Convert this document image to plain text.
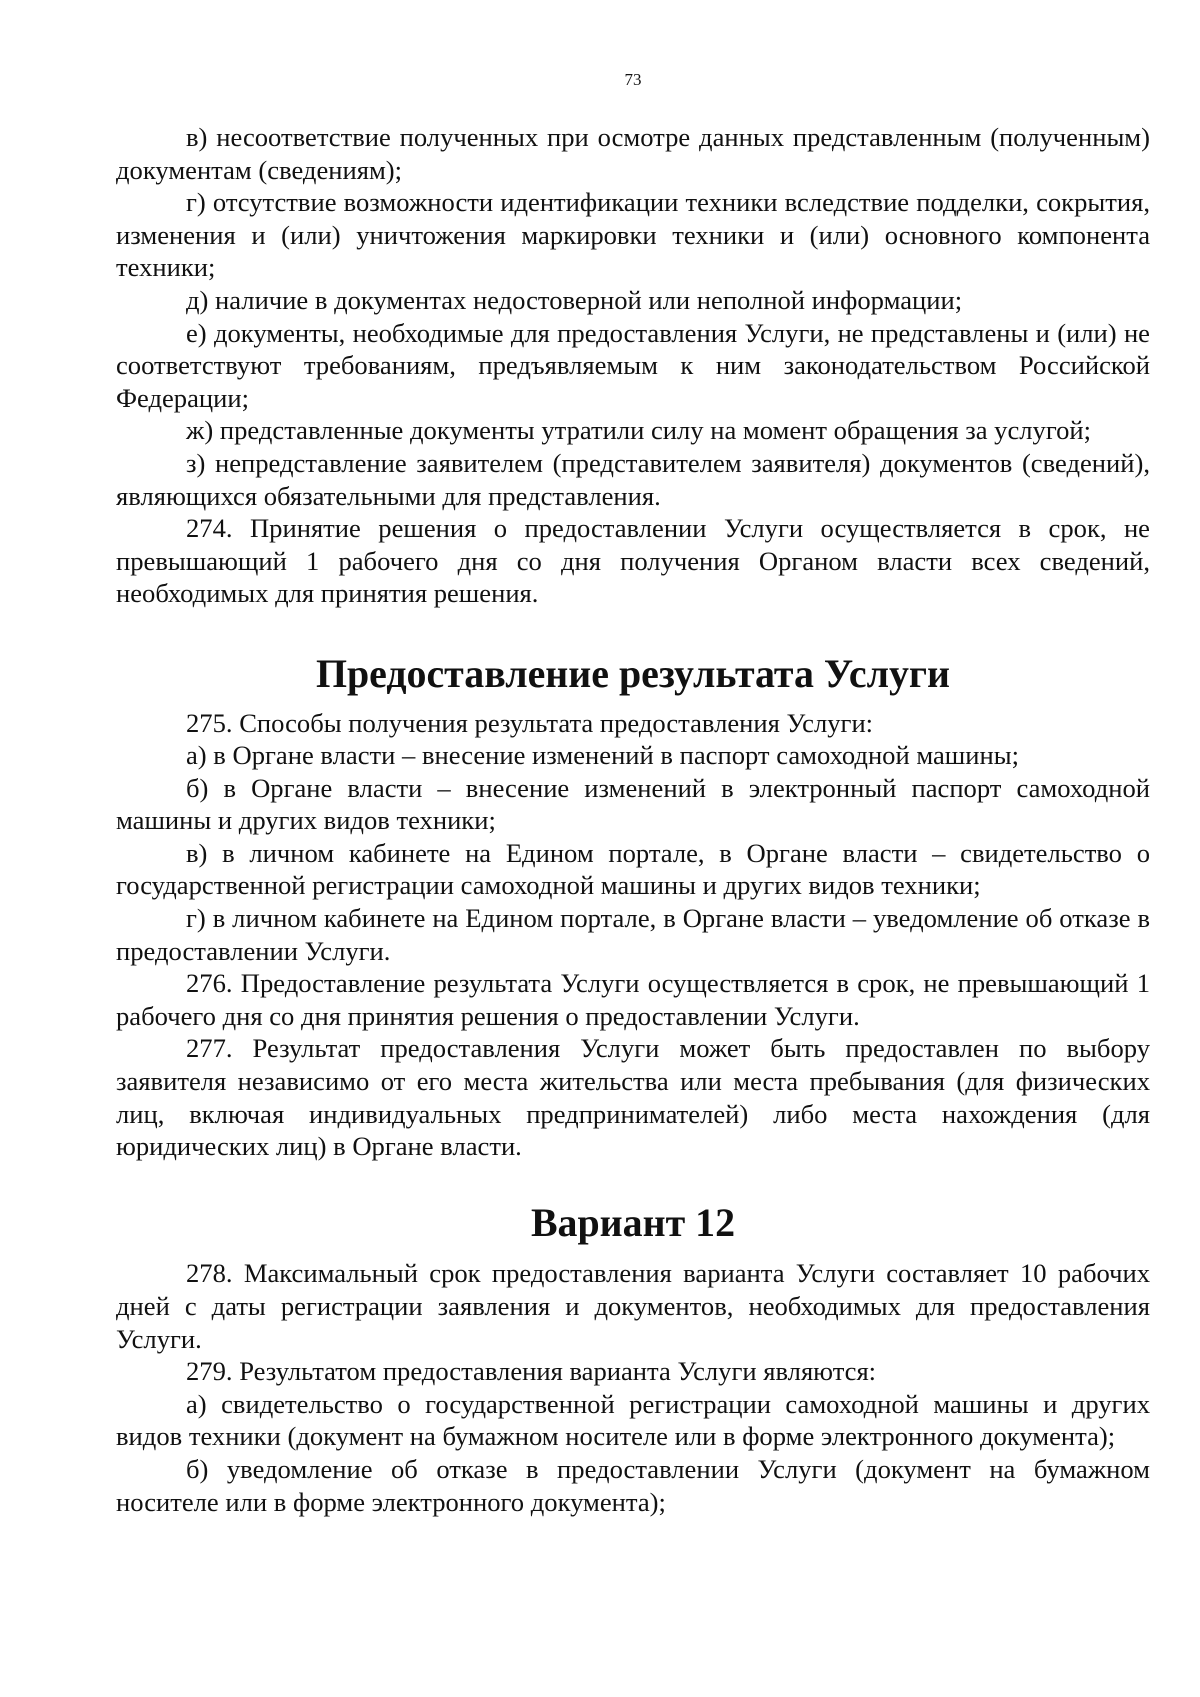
73

в) несоответствие полученных при осмотре данных представленным (полученным) документам (сведениям);

г) отсутствие возможности идентификации техники вследствие подделки, сокрытия, изменения и (или) уничтожения маркировки техники и (или) основного компонента техники;

д) наличие в документах недостоверной или неполной информации;

е) документы, необходимые для предоставления Услуги, не представлены и (или) не соответствуют требованиям, предъявляемым к ним законодательством Российской Федерации;

ж) представленные документы утратили силу на момент обращения за услугой;

з) непредставление заявителем (представителем заявителя) документов (сведений), являющихся обязательными для представления.

274. Принятие решения о предоставлении Услуги осуществляется в срок, не превышающий 1 рабочего дня со дня получения Органом власти всех сведений, необходимых для принятия решения.

Предоставление результата Услуги

275. Способы получения результата предоставления Услуги:

а) в Органе власти – внесение изменений в паспорт самоходной машины;

б) в Органе власти – внесение изменений в электронный паспорт самоходной машины и других видов техники;

в) в личном кабинете на Едином портале, в Органе власти – свидетельство о государственной регистрации самоходной машины и других видов техники;

г) в личном кабинете на Едином портале, в Органе власти – уведомление об отказе в предоставлении Услуги.

276. Предоставление результата Услуги осуществляется в срок, не превышающий 1 рабочего дня со дня принятия решения о предоставлении Услуги.

277. Результат предоставления Услуги может быть предоставлен по выбору заявителя независимо от его места жительства или места пребывания (для физических лиц, включая индивидуальных предпринимателей) либо места нахождения (для юридических лиц) в Органе власти.

Вариант 12

278. Максимальный срок предоставления варианта Услуги составляет 10 рабочих дней с даты регистрации заявления и документов, необходимых для предоставления Услуги.

279. Результатом предоставления варианта Услуги являются:

а) свидетельство о государственной регистрации самоходной машины и других видов техники (документ на бумажном носителе или в форме электронного документа);

б) уведомление об отказе в предоставлении Услуги (документ на бумажном носителе или в форме электронного документа);
